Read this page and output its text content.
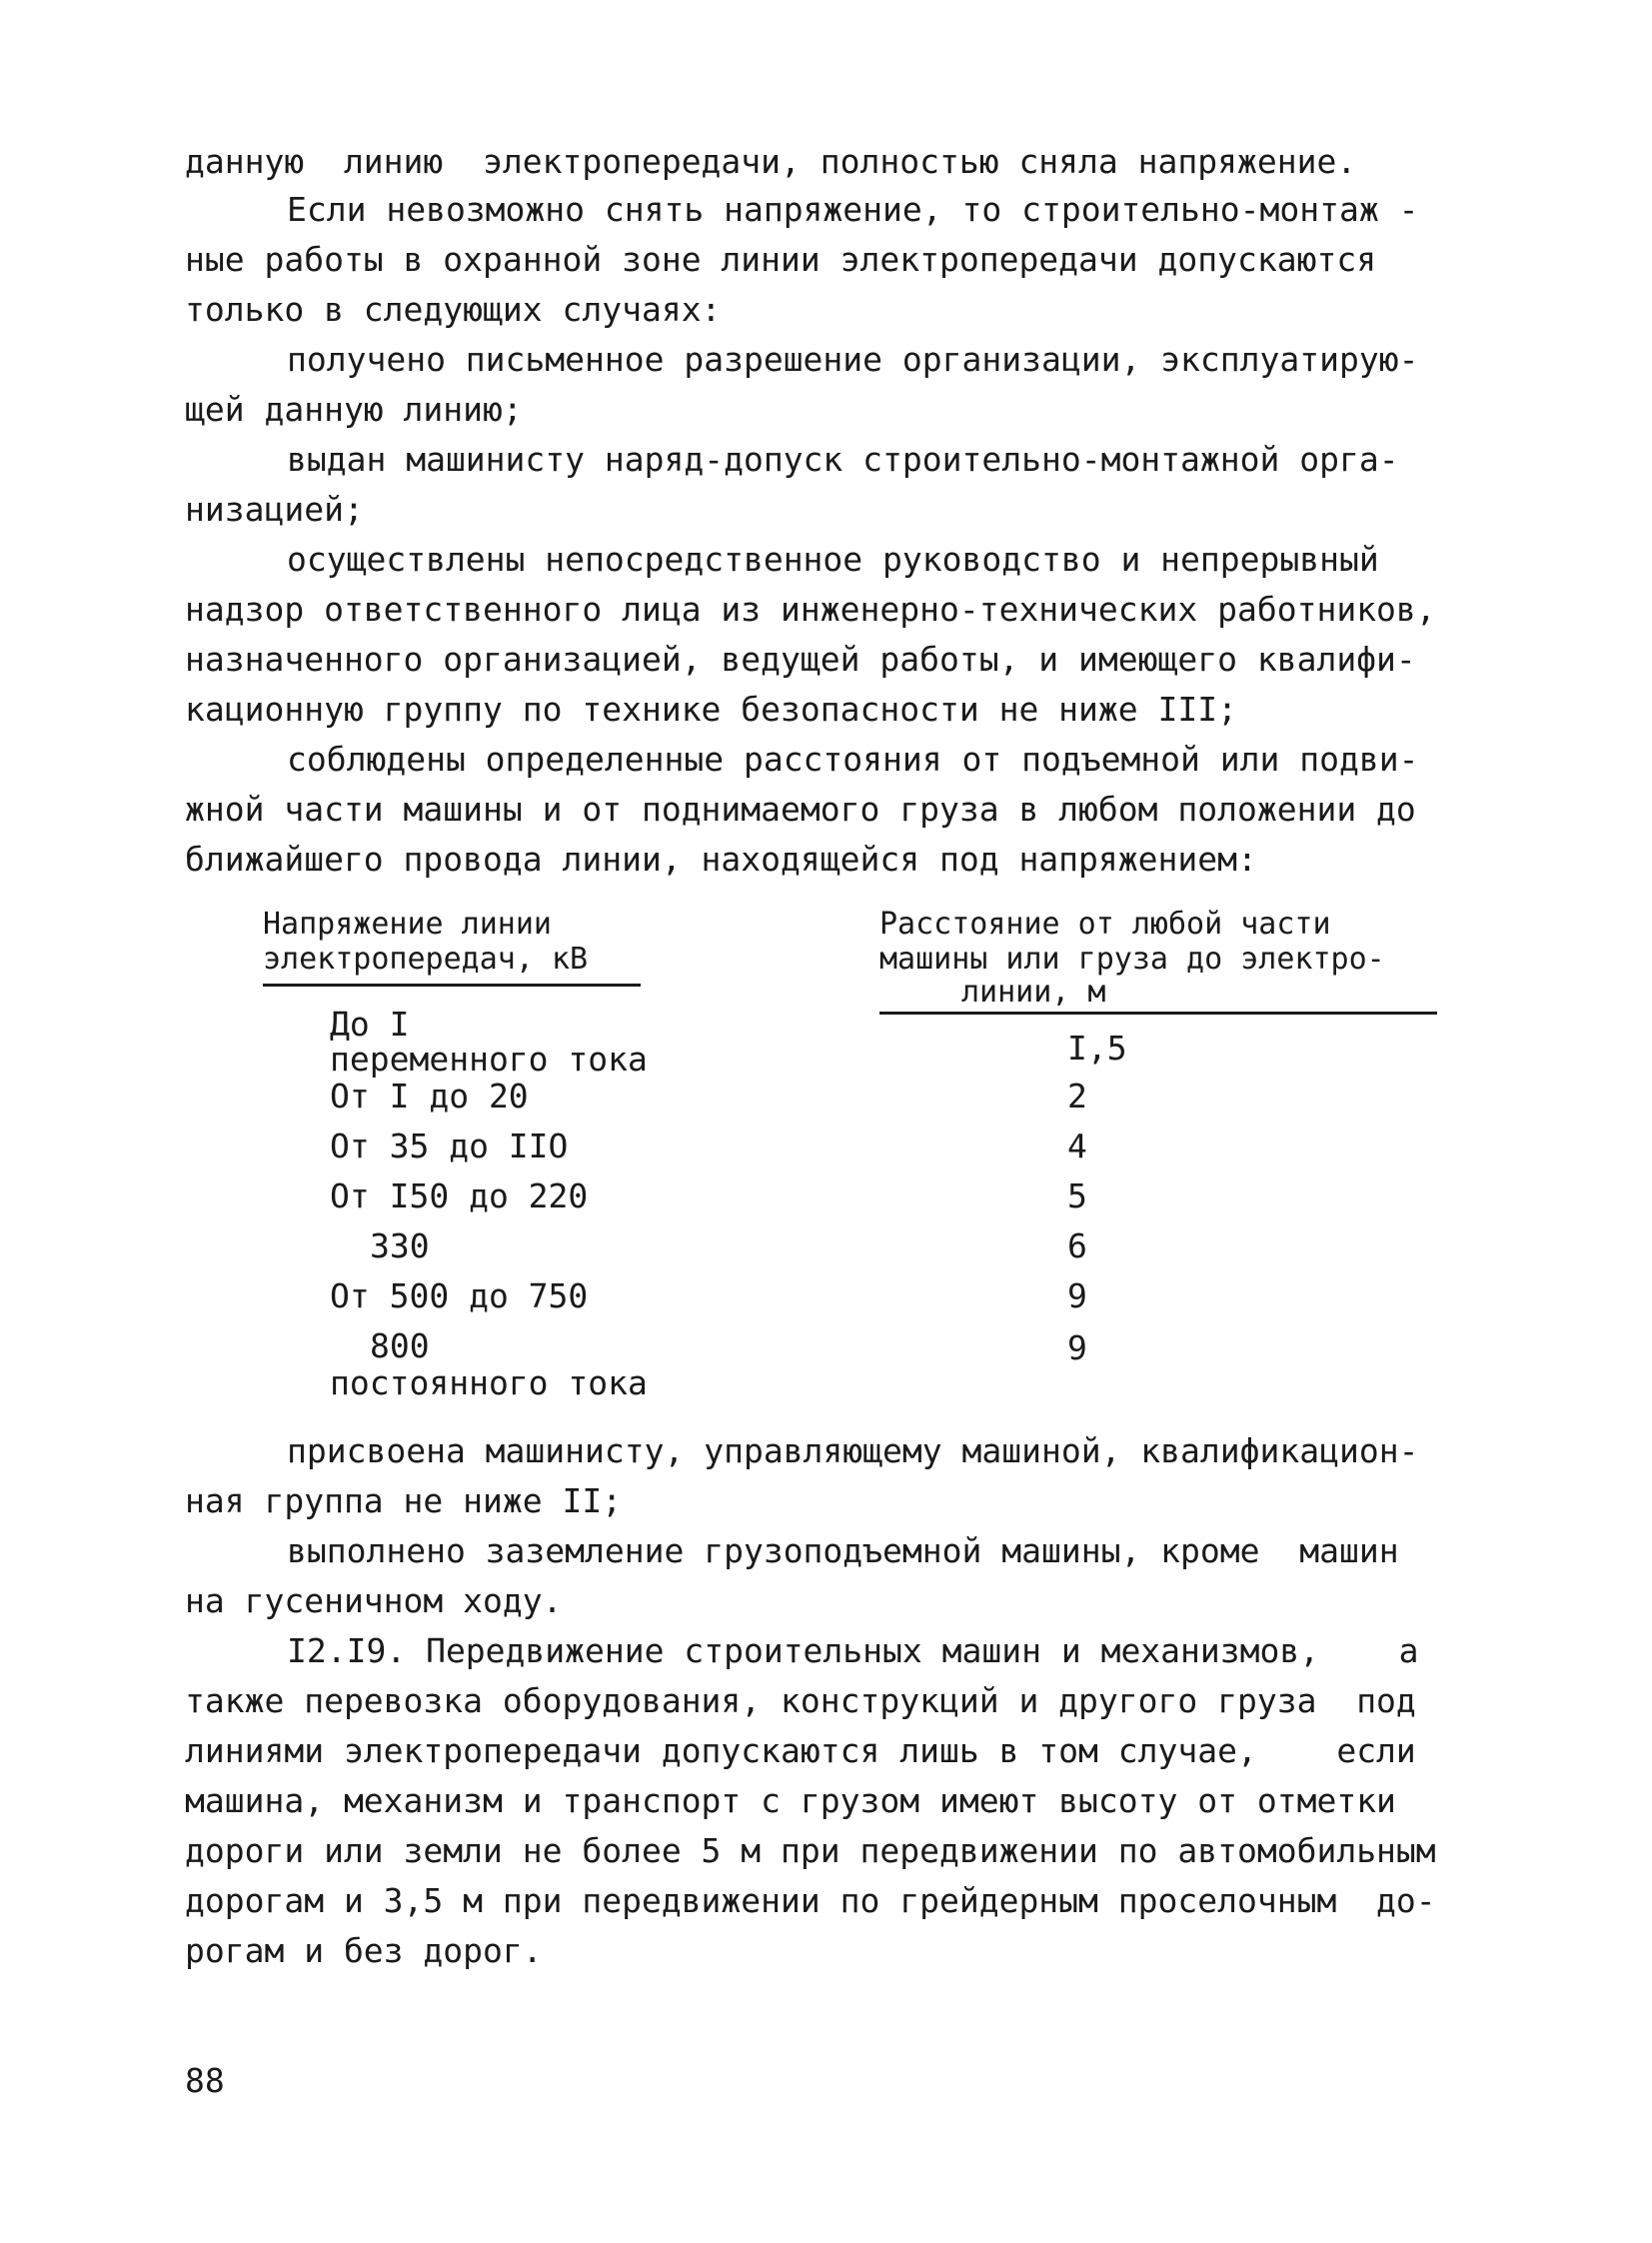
данную  линию  электропередачи, полностью сняла напряжение.
Если невозможно снять напряжение, то строительно-монтаж -
ные работы в охранной зоне линии электропередачи допускаются
только в следующих случаях:
получено письменное разрешение организации, эксплуатирую-
щей данную линию;
выдан машинисту наряд-допуск строительно-монтажной орга-
низацией;
осуществлены непосредственное руководство и непрерывный
надзор ответственного лица из инженерно-технических работников,
назначенного организацией, ведущей работы, и имеющего квалифи-
кационную группу по технике безопасности не ниже III;
соблюдены определенные расстояния от подъемной или подви-
жной части машины и от поднимаемого груза в любом положении до
ближайшего провода линии, находящейся под напряжением:
Напряжение линии
электропередач, кВ
Расстояние от любой части
машины или груза до электро-
линии, м
До I
переменного тока
От I до 20
От 35 до IIO
От I50 до 220
330
От 500 до 750
800
постоянного тока
I,5
2
4
5
6
9
9
присвоена машинисту, управляющему машиной, квалификацион-
ная группа не ниже II;
выполнено заземление грузоподъемной машины, кроме  машин
на гусеничном ходу.
I2.I9. Передвижение строительных машин и механизмов,    а
также перевозка оборудования, конструкций и другого груза  под
линиями электропередачи допускаются лишь в том случае,    если
машина, механизм и транспорт с грузом имеют высоту от отметки
дороги или земли не более 5 м при передвижении по автомобильным
дорогам и 3,5 м при передвижении по грейдерным проселочным  до-
рогам и без дорог.
88
